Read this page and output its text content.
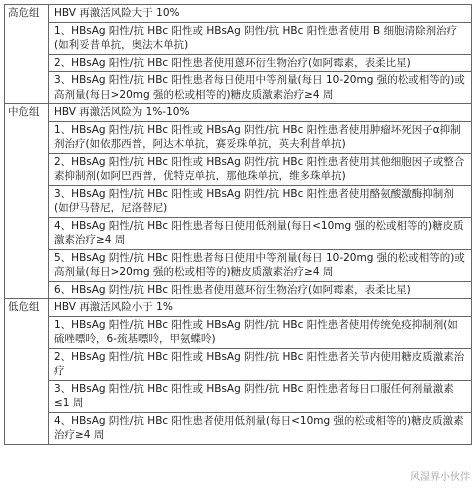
高危组	HBV 再激活风险大于 10%
	1、HBsAg 阳性/抗 HBc 阳性或 HBsAg 阴性/抗 HBc 阳性患者使用 B 细胞清除剂治疗(如利妥昔单抗，奥法木单抗)
	2、HBsAg 阳性/抗 HBc 阳性患者使用蒽环衍生物治疗(如阿霉素，表柔比星)
	3、HBsAg 阳性/抗 HBc 阳性患者每日使用中等剂量(每日 10-20mg 强的松或相等的)或高剂量(每日>20mg 强的松或相等的)糖皮质激素治疗≥4 周
中危组	HBV 再激活风险为 1%-10%
	1、HBsAg 阳性/抗 HBc 阳性或 HBsAg 阴性/抗 HBc 阳性患者使用肿瘤坏死因子α抑制剂治疗(如依那西普，阿达木单抗，赛妥珠单抗，英夫利昔单抗)
	2、HBsAg 阳性/抗 HBc 阳性或 HBsAg 阴性/抗 HBc 阳性患者使用其他细胞因子或整合素抑制剂(如阿巴西普，优特克单抗，那他珠单抗，维多珠单抗)
	3、HBsAg 阳性/抗 HBc 阳性或 HBsAg 阴性/抗 HBc 阳性患者使用酪氨酸激酶抑制剂(如伊马替尼，尼洛替尼)
	4、HBsAg 阳性/抗 HBc 阳性患者每日使用低剂量(每日<10mg 强的松或相等的)糖皮质激素治疗≥4 周
	5、HBsAg 阴性/抗 HBc 阳性患者每日使用中等剂量(每日 10-20mg 强的松或相等的)或高剂量(每日>20mg 强的松或相等的)糖皮质激素治疗≥4 周
	6、HBsAg 阴性/抗 HBc 阳性患者使用蒽环衍生物治疗(如阿霉素，表柔比星)
低危组	HBV 再激活风险小于 1%
	1、HBsAg 阳性/抗 HBc 阳性或 HBsAg 阴性/抗 HBc 阳性患者使用传统免疫抑制剂(如硫唑嘌呤，6-巯基嘌呤，甲氨蝶呤)
	2、HBsAg 阳性/抗 HBc 阳性或 HBsAg 阴性/抗 HBc 阳性患者关节内使用糖皮质激素治疗
	3、HBsAg 阳性/抗 HBc 阳性或 HBsAg 阴性/抗 HBc 阳性患者每日口服任何剂量激素≤1 周
	4、HBsAg 阴性/抗 HBc 阳性患者使用低剂量(每日<10mg 强的松或相等的)糖皮质激素治疗≥4 周
风湿界小伙伴
